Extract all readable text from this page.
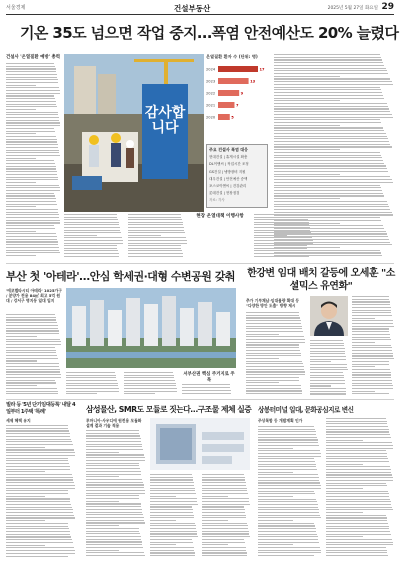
서울경제	건설부동산	2025년 5월 27일 화요일 29
기온 35도 넘으면 작업 중지…폭염 안전예산도 20% 늘렸다
건설사 '온열질환 예방' 총력
현장 온열대책 이행사항
감사합니다
온열질환 환자 수 (단위: 명)
2024	17
2023	13
2022	9
2021	7
2020	5
주요 건설사 폭염 대응
현대건설 | 휴게시설 확충
DL이앤씨 | 작업시간 조정
GS건설 | 냉방장비 지원
대우건설 | 안전예산 증액
포스코이앤씨 | 건강관리
롯데건설 | 현장점검
자료: 각사
부산 첫 '아테라'…안심 학세권·대형 수변공원 갖춰
'에코델타시티 아테라' 1025가구 / 분양가 전용 84㎡ 최고 5억 원대 / 강서구 명지동 일대 입지
서부산권 핵심 주거지로 주목
한강변 임대 배치 갈등에 오세훈 "소셜믹스 유연화"
추가 기부채납·임대물량 확대 등 "다양한 방안 도출" 방향 제시
빌라 등 '5년 단기임대등록' 내달 4일부터 1주택 '특례'
세제 혜택 유지
삼성물산, SMR도 모듈로 짓는다…구조물 제체 실증
루마니아·사우디에 원전용 모듈화 설계 결과 기술 적용
상봉터미널 일대, 문화공심지로 변신
주상복합 등 개발계획 인가
